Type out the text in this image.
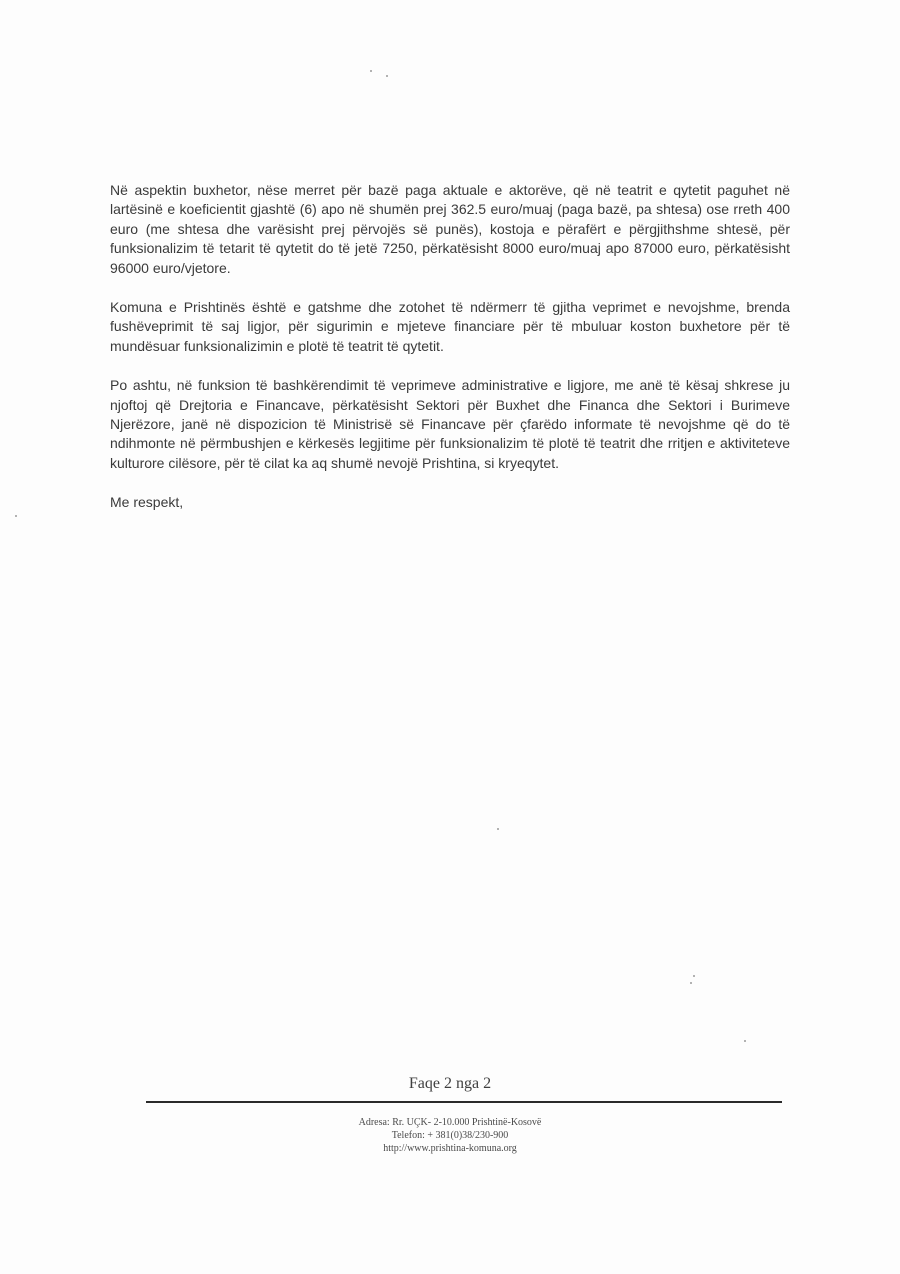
Në aspektin buxhetor, nëse merret për bazë paga aktuale e aktorëve, që në teatrit e qytetit paguhet në lartësinë e koeficientit gjashtë (6) apo në shumën prej 362.5 euro/muaj (paga bazë, pa shtesa) ose rreth 400 euro (me shtesa dhe varësisht prej përvojës së punës), kostoja e përafërt e përgjithshme shtesë, për funksionalizim të tetarit të qytetit do të jetë 7250, përkatësisht 8000 euro/muaj apo 87000 euro, përkatësisht 96000 euro/vjetore.

Komuna e Prishtinës është e gatshme dhe zotohet të ndërmerr të gjitha veprimet e nevojshme, brenda fushëveprimit të saj ligjor, për sigurimin e mjeteve financiare për të mbuluar koston buxhetore për të mundësuar funksionalizimin e plotë të teatrit të qytetit.

Po ashtu, në funksion të bashkërendimit të veprimeve administrative e ligjore, me anë të kësaj shkrese ju njoftoj që Drejtoria e Financave, përkatësisht Sektori për Buxhet dhe Financa dhe Sektori i Burimeve Njerëzore, janë në dispozicion të Ministrisë së Financave për çfarëdo informate të nevojshme që do të ndihmonte në përmbushjen e kërkesës legjitime për funksionalizim të plotë të teatrit dhe rritjen e aktiviteteve kulturore cilësore, për të cilat ka aq shumë nevojë Prishtina, si kryeqytet.

Me respekt,

Faqe 2 nga 2
Adresa: Rr. UÇK- 2-10.000 Prishtinë-Kosovë
Telefon: + 381(0)38/230-900
http://www.prishtina-komuna.org
